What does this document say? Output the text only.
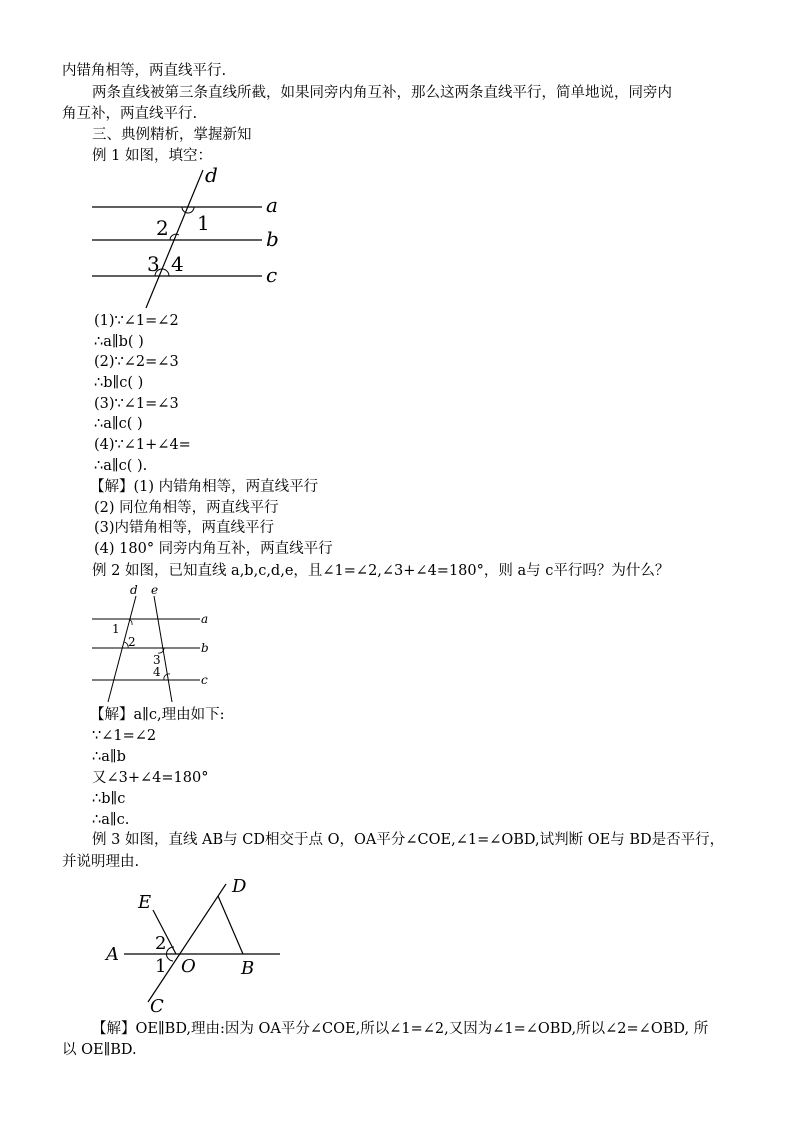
内错角相等，两直线平行.
两条直线被第三条直线所截，如果同旁内角互补，那么这两条直线平行，简单地说，同旁内
角互补，两直线平行.
三、典例精析，掌握新知
例 1 如图，填空：
d
a
b
c
1
2
3 4
(1)∵∠1=∠2
∴a∥b( )
(2)∵∠2=∠3
∴b∥c( )
(3)∵∠1=∠3
∴a∥c( )
(4)∵∠1+∠4=
∴a∥c( ).
【解】(1) 内错角相等，两直线平行
(2) 同位角相等，两直线平行
(3)内错角相等，两直线平行
(4) 180° 同旁内角互补，两直线平行
例 2 如图，已知直线 a,b,c,d,e，且∠1=∠2,∠3+∠4=180°，则 a与 c平行吗？为什么？
d e
a
b
c
1
2
3
4
【解】a∥c,理由如下:
∵∠1=∠2
∴a∥b
又∠3+∠4=180°
∴b∥c
∴a∥c.
例 3 如图，直线 AB与 CD相交于点 O，OA平分∠COE,∠1=∠OBD,试判断 OE与 BD是否平行，
并说明理由.
D
E
A
O	B
C
2
1
【解】OE∥BD,理由:因为 OA平分∠COE,所以∠1=∠2,又因为∠1=∠OBD,所以∠2=∠OBD, 所
以 OE∥BD.
